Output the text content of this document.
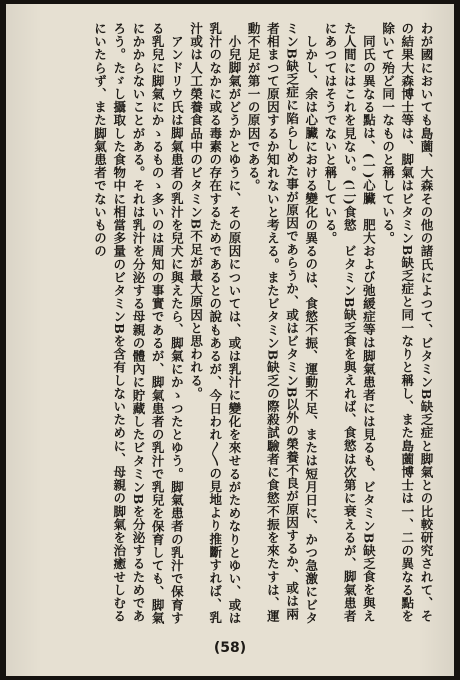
わが國においても島薗、大森その他の諸氏によつて、ビタミンB缺乏症と脚氣との比較研究されて、その結果大森博士等は、脚氣はビタミンB缺乏症と同一なりと稱し、また島薗博士は一、二の異なる點を除いて殆ど同一なものと稱している。

同氏の異なる點は、(一)心臟　肥大および弛緩症等は脚氣患者には見るも、ビタミンB缺乏食を與えた人間にはこれを見ない。(二)食慾　ビタミンB缺乏食を與えれば、食慾は次第に衰えるが、脚氣患者にあつてはそうでないと稱している。

しかし、余は心臟における變化の異るのは、食慾不振、運動不足、または短月日に、かつ急激にビタミンB缺乏症に陷らしめた事が原因であらうか、或はビタミンB以外の榮養不良が原因するか、或は兩者相まつて原因するか知れないと考える。またビタミンB缺乏の際殺試驗者に食慾不振を來たすは、運動不足が第一の原因である。

小兒脚氣がどうかとゆうに、その原因については、或は乳汁に變化を來せるがためなりとゆい、或は乳汁のなかに或る毒素の存在するためであるとの說もあるが、今日われ〳〵の見地より推斷すれば、乳汁或は人工榮養食品中のビタミンB不足が最大原因と思われる。

アンドリウ氏は脚氣患者の乳汁を兒犬に與えたら、脚氣にかゝつたとゆう。脚氣患者の乳汁で保育する乳兒に脚氣にかゝるものゝ多いのは周知の事實であるが、脚氣患者の乳汁で乳兒を保育しても、脚氣にかからないことがある。それは乳汁を分泌する母親の體內に貯藏したビタミンBを分泌するためであろう。たゞし攝取した食物中に相當多量のビタミンBを含有しないために、母親の脚氣を治癒せしむるにいたらず、また脚氣患者でないものの

(58)
